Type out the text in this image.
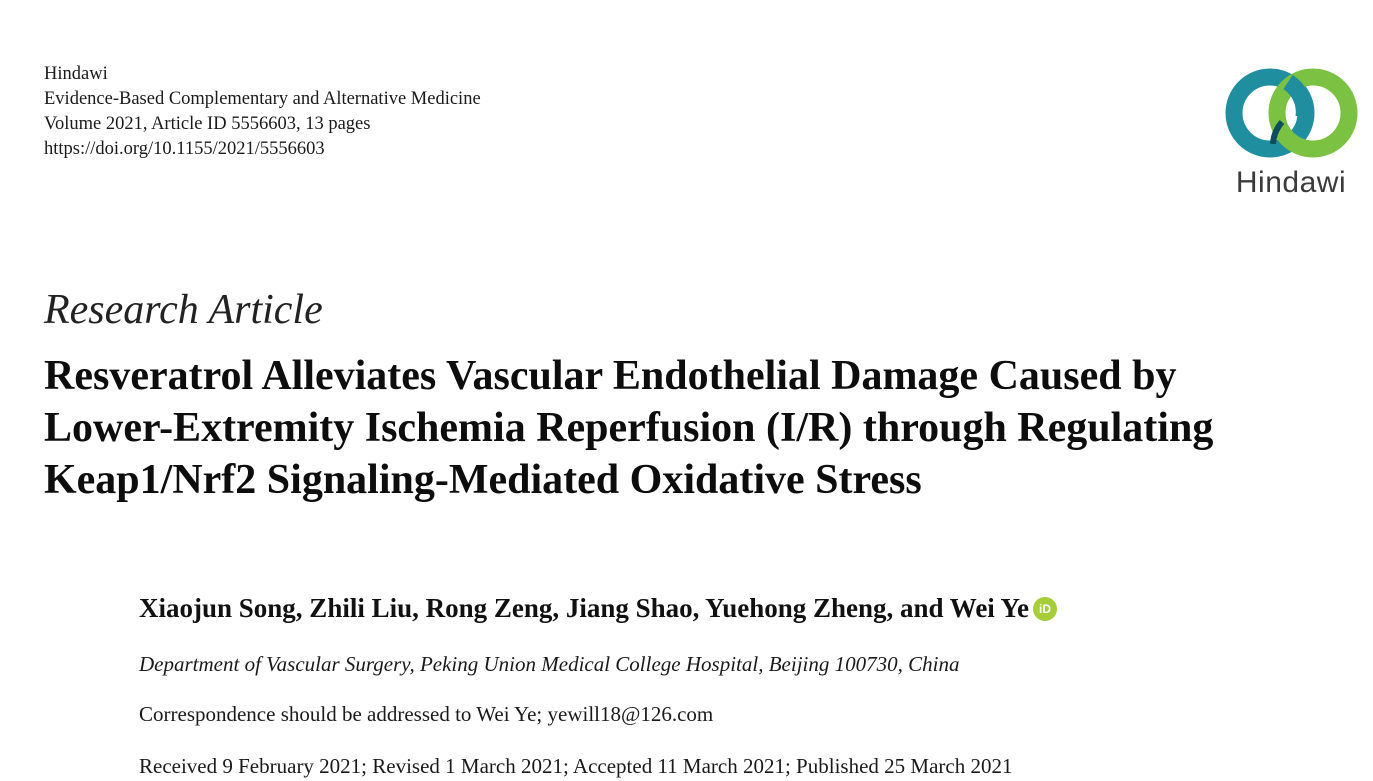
Hindawi
Evidence-Based Complementary and Alternative Medicine
Volume 2021, Article ID 5556603, 13 pages
https://doi.org/10.1155/2021/5556603
Hindawi
Research Article
Resveratrol Alleviates Vascular Endothelial Damage Caused by
Lower-Extremity Ischemia Reperfusion (I/R) through Regulating
Keap1/Nrf2 Signaling-Mediated Oxidative Stress
Xiaojun Song, Zhili Liu, Rong Zeng, Jiang Shao, Yuehong Zheng, and Wei Ye iD
Department of Vascular Surgery, Peking Union Medical College Hospital, Beijing 100730, China
Correspondence should be addressed to Wei Ye; yewill18@126.com
Received 9 February 2021; Revised 1 March 2021; Accepted 11 March 2021; Published 25 March 2021
